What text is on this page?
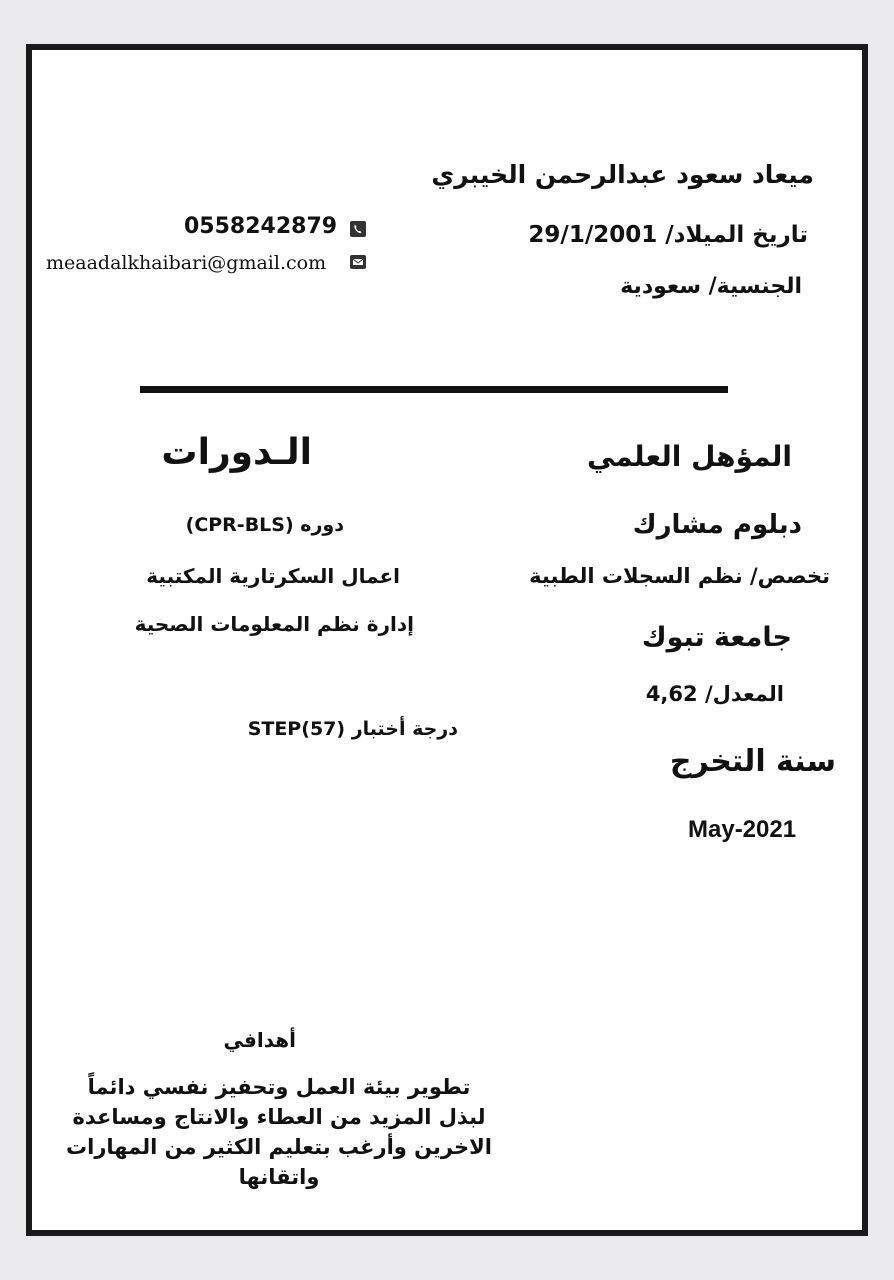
ميعاد سعود عبدالرحمن الخيبري
تاريخ الميلاد/ 29/1/2001
الجنسية/ سعودية
0558242879
meaadalkhaibari@gmail.com
المؤهل العلمي
دبلوم مشارك
تخصص/ نظم السجلات الطبية
جامعة تبوك
المعدل/ 4,62
سنة التخرج
May-2021
الـدورات
دوره (CPR-BLS)
اعمال السكرتارية المكتبية
إدارة نظم المعلومات الصحية
درجة أختبار (57)STEP
أهدافي
تطوير بيئة العمل وتحفيز نفسي دائماً
لبذل المزيد من العطاء والانتاج ومساعدة
الاخرين وأرغب بتعليم الكثير من المهارات
واتقانها
